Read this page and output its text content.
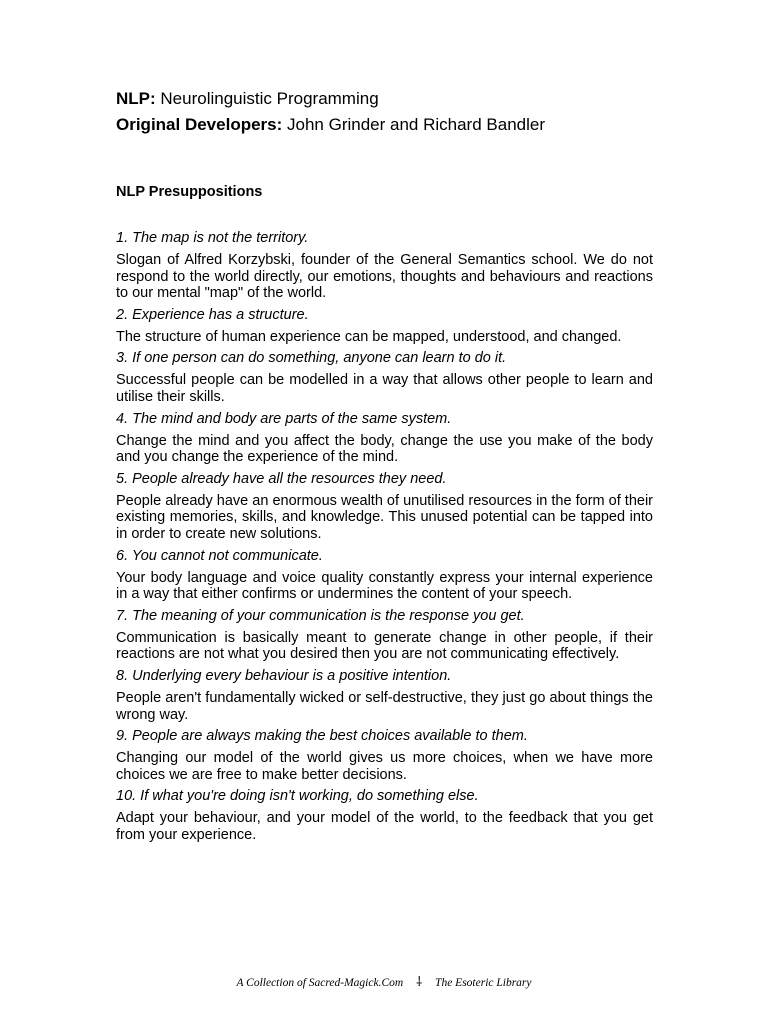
NLP: Neurolinguistic Programming

Original Developers: John Grinder and Richard Bandler

NLP Presuppositions

1. The map is not the territory.

Slogan of Alfred Korzybski, founder of the General Semantics school. We do not respond to the world directly, our emotions, thoughts and behaviours and reactions to our mental "map" of the world.

2. Experience has a structure.

The structure of human experience can be mapped, understood, and changed.

3. If one person can do something, anyone can learn to do it.

Successful people can be modelled in a way that allows other people to learn and utilise their skills.

4. The mind and body are parts of the same system.

Change the mind and you affect the body, change the use you make of the body and you change the experience of the mind.

5. People already have all the resources they need.

People already have an enormous wealth of unutilised resources in the form of their existing memories, skills, and knowledge. This unused potential can be tapped into in order to create new solutions.

6. You cannot not communicate.

Your body language and voice quality constantly express your internal experience in a way that either confirms or undermines the content of your speech.

7. The meaning of your communication is the response you get.

Communication is basically meant to generate change in other people, if their reactions are not what you desired then you are not communicating effectively.

8. Underlying every behaviour is a positive intention.

People aren't fundamentally wicked or self-destructive, they just go about things the wrong way.

9. People are always making the best choices available to them.

Changing our model of the world gives us more choices, when we have more choices we are free to make better decisions.

10. If what you're doing isn't working, do something else.

Adapt your behaviour, and your model of the world, to the feedback that you get from your experience.

A Collection of Sacred-Magick.Com ⸸ The Esoteric Library
